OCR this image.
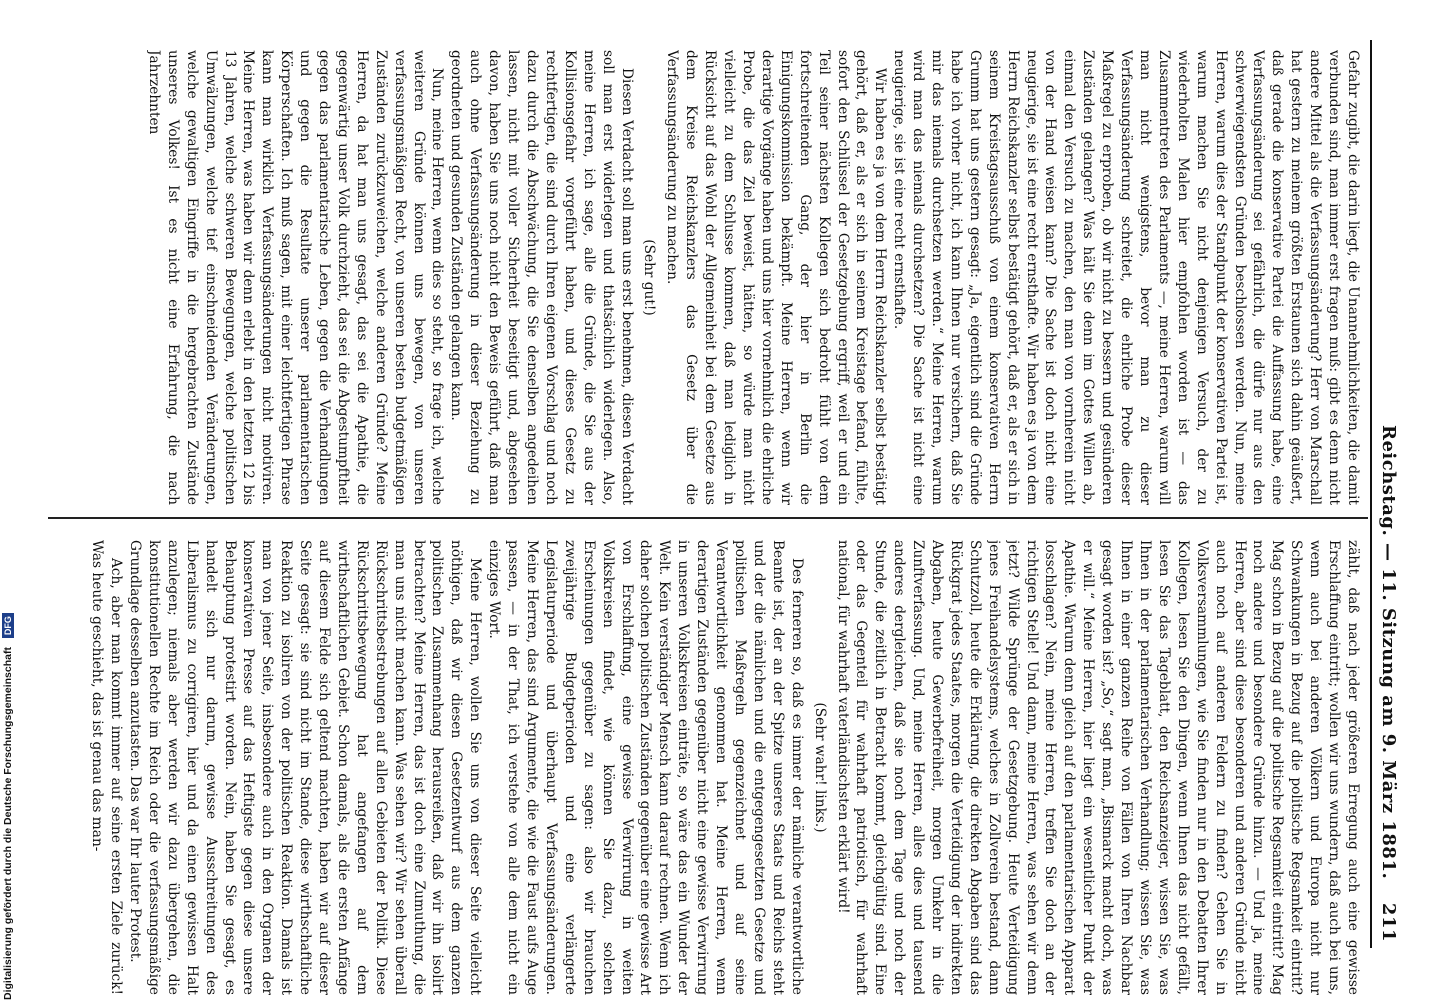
Reichstag. — 11. Sitzung am 9. März 1881.
211

Gefahr zugibt, die darin liegt, die Unannehmlichkeiten, die damit verbunden sind, man immer erst fragen muß: gibt es denn nicht andere Mittel als die Verfassungsänderung? Herr von Marschall hat gestern zu meinem größten Erstaunen sich dahin geäußert, daß gerade die konservative Partei die Auffassung habe, eine Verfassungsänderung sei gefährlich, die dürfe nur aus den schwerwiegendsten Gründen beschlossen werden. Nun, meine Herren, warum dies der Standpunkt der konservativen Partei ist, warum machen Sie nicht denjenigen Versuch, der zu wiederholten Malen hier empfohlen worden ist — das Zusammentreten des Parlaments —, meine Herren, warum will man nicht wenigstens, bevor man zu dieser Verfassungsänderung schreitet, die ehrliche Probe dieser Maßregel zu erproben, ob wir nicht zu bessern und gesünderen Zuständen gelangen? Was hält Sie denn im Gottes Willen ab, einmal den Versuch zu machen, den man von vornherein nicht von der Hand weisen kann? Die Sache ist doch nicht eine neugierige, sie ist eine recht ernsthafte. Wir haben es ja von dem Herrn Reichskanzler selbst bestätigt gehört, daß er, als er sich in seinem Kreistagsausschuß von einem konservativen Herrn Grumm hat uns gestern gesagt: „Ja, eigentlich sind die Gründe habe ich vorher nicht, ich kann Ihnen nur versichern, daß Sie mir das niemals durchsetzen werden.“ Meine Herren, warum wird man das niemals durchsetzen? Die Sache ist nicht eine neugierige, sie ist eine recht ernsthafte.

Wir haben es ja von dem Herrn Reichskanzler selbst bestätigt gehört, daß er, als er sich in seinem Kreistage befand, fühlte, sofort den Schlüssel der Gesetzgebung ergriff, weil er und ein Teil seiner nächsten Kollegen sich bedroht fühlt von dem fortschreitenden Gang, der hier in Berlin die Einigungskommission bekämpft. Meine Herren, wenn wir derartige Vorgänge haben und uns hier vornehmlich die ehrliche Probe, die das Ziel beweist, hätten, so würde man nicht vielleicht zu dem Schlusse kommen, daß man lediglich in Rücksicht auf das Wohl der Allgemeinheit bei dem Gesetze aus dem Kreise Reichskanzlers das Gesetz über die Verfassungsänderung zu machen.

(Sehr gut!)

Diesen Verdacht soll man uns erst benehmen, diesen Verdacht soll man erst widerlegen und thatsächlich widerlegen. Also, meine Herren, ich sage, alle die Gründe, die Sie aus der Kollisionsgefahr vorgeführt haben, und dieses Gesetz zu rechtfertigen, die sind durch Ihren eigenen Vorschlag und noch dazu durch die Abschwächung, die Sie denselben angedeihen lassen, nicht mit voller Sicherheit beseitigt und, abgesehen davon, haben Sie uns noch nicht den Beweis geführt, daß man auch ohne Verfassungsänderung in dieser Beziehung zu geordneten und gesunden Zuständen gelangen kann.

Nun, meine Herren, wenn dies so steht, so frage ich, welche weiteren Gründe können uns bewegen, von unseren verfassungsmäßigen Recht, von unseren besten budgetmäßigen Zuständen zurückzuweichen, welche anderen Gründe? Meine Herren, da hat man uns gesagt, das sei die Apathie, die gegenwärtig unser Volk durchzieht, das sei die Abgestumpftheit gegen das parlamentarische Leben, gegen die Verhandlungen und gegen die Resultate unserer parlamentarischen Körperschaften. Ich muß sagen, mit einer leichtfertigen Phrase kann man wirklich Verfassungsänderungen nicht motiviren. Meine Herren, was haben wir denn erlebt in den letzten 12 bis 13 Jahren, welche schweren Bewegungen, welche politischen Umwälzungen, welche tief einschneidenden Veränderungen, welche gewaltigen Eingriffe in die hergebrachten Zustände unseres Volkes! Ist es nicht eine Erfahrung, die nach Jahrzehnten

zählt, daß nach jeder größeren Erregung auch eine gewisse Erschlaffung eintritt; wollen wir uns wundern, daß auch bei uns, wenn auch bei anderen Völkern und Europa nicht nur Schwankungen in Bezug auf die politische Regsamkeit eintritt? Mag schon in Bezug auf die politische Regsamkeit eintritt? Mag noch andere und besondere Gründe hinzu. — Und ja, meine Herren, aber sind diese besonderen und anderen Gründe nicht auch noch auf anderen Feldern zu finden? Gehen Sie in Volksversammlungen, wie Sie finden nur in den Debatten Ihrer Kollegen, lesen Sie den Dingen, wenn Ihnen das nicht gefällt, lesen Sie das Tageblatt, den Reichsanzeiger, wissen Sie, was Ihnen in der parlamentarischen Verhandlung; wissen Sie, was Ihnen in einer ganzen Reihe von Fällen von Ihren Nachbar gesagt worden ist? „So,“ sagt man, „Bismarck macht doch, was er will.“ Meine Herren, hier liegt ein wesentlicher Punkt der Apathie. Warum denn gleich auf den parlamentarischen Apparat losschlagen? Nein, meine Herren, treffen Sie doch an der richtigen Stelle! Und dann, meine Herren, was sehen wir denn jetzt? Wilde Sprünge der Gesetzgebung. Heute Verteidigung jenes Freihandelsystems, welches in Zollverein bestand, dann Schutzzoll, heute die Erklärung, die direkten Abgaben sind das Rückgrat jedes Staates, morgen die Verteidigung der indirekten Abgaben, heute Gewerbefreiheit, morgen Umkehr in die Zunftverfassung. Und, meine Herren, alles dies und tausend anderes dergleichen, daß sie noch dem Tage und noch der Stunde, die zeitlich in Betracht kommt, gleichgültig sind. Eine oder das Gegenteil für wahrhaft patriotisch, für wahrhaft national, für wahrhaft vaterländischsten erklärt wird!

(Sehr wahr! links.)

Des ferneren so, daß es immer der nämliche verantwortliche Beamte ist, der an der Spitze unseres Staats und Reichs steht und der die nämlichen und die entgegengesetzten Gesetze und politischen Maßregeln gegenzeichnet und auf seine Verantwortlichkeit genommen hat. Meine Herren, wenn derartigen Zuständen gegenüber nicht eine gewisse Verwirrung in unseren Volkskreisen einträte, so wäre das ein Wunder der Welt. Kein verständiger Mensch kann darauf rechnen. Wenn ich daher solchen politischen Zuständen gegenüber eine gewisse Art von Erschlaffung, eine gewisse Verwirrung in weiten Volkskreisen findet, wie können Sie dazu, solchen Erscheinungen gegenüber zu sagen: also wir brauchen zweijährige Budgetperioden und eine verlängerte Legislaturperiode und überhaupt Verfassungsänderungen. Meine Herren, das sind Argumente, die wie die Faust aufs Auge passen, — in der That, ich verstehe von alle dem nicht ein einziges Wort.

Meine Herren, wollen Sie uns von dieser Seite vielleicht nöthigen, daß wir diesen Gesetzentwurf aus dem ganzen politischen Zusammenhang herausreißen, daß wir ihn isolirt betrachten? Meine Herren, das ist doch eine Zumuthung, die man uns nicht machen kann. Was sehen wir? Wir sehen überall Rückschrittsbestrebungen auf allen Gebieten der Politik. Diese Rückschrittsbewegung hat angefangen auf dem wirthschaftlichen Gebiet. Schon damals, als die ersten Anfänge auf diesem Felde sich geltend machten, haben wir auf dieser Seite gesagt: sie sind nicht im Stande, diese wirthschaftliche Reaktion zu isoliren von der politischen Reaktion. Damals ist man von jener Seite, insbesondere auch in den Organen der konservativen Presse auf das Heftigste gegen diese unsere Behauptung protestirt worden. Nein, haben Sie gesagt, es handelt sich nur darum, gewisse Ausschreitungen des Liberalismus zu corrigiren, hier und da einen gewissen Halt anzulegen; niemals aber werden wir dazu übergehen, die konstitutionellen Rechte im Reich oder die verfassungsmäßige Grundlage desselben anzutasten. Das war Ihr lauter Protest.

Ach, aber man kommt immer auf seine ersten Ziele zurück! Was heute geschieht, das ist genau das man-

Digitalisierung gefördert durch die Deutsche Forschungsgemeinschaft DFG
